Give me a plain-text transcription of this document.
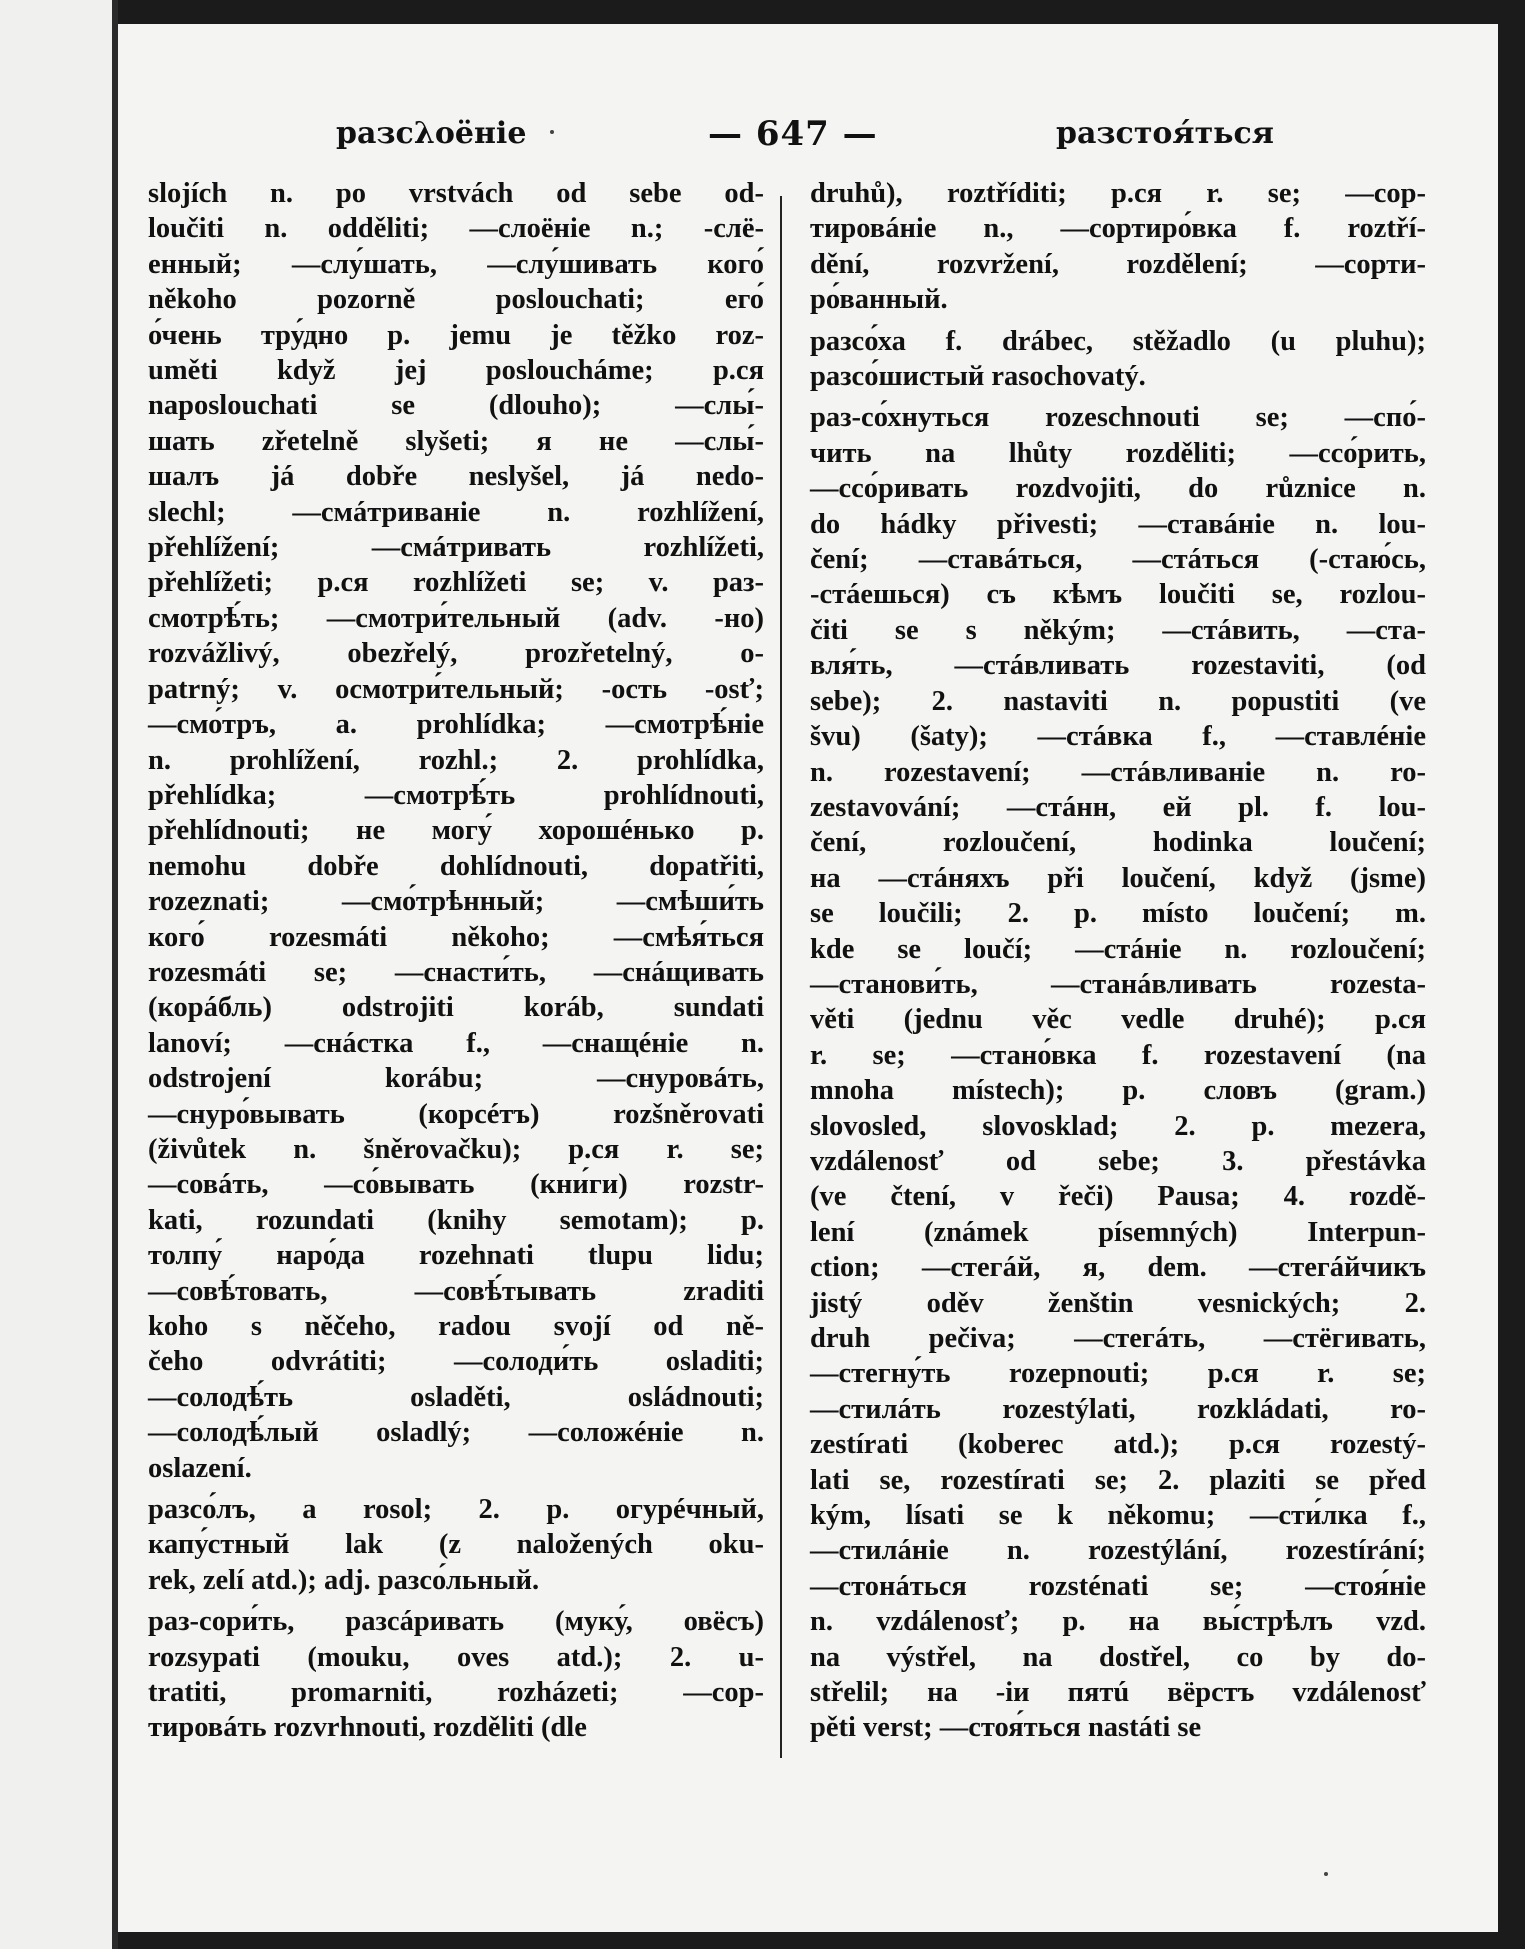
разсλоёніе	— 647 —	разстоя́ться
slojích n. po vrstvách od sebe od-
loučiti n. odděliti; —слоёніе n.; -слё-
енный; —слу́шать, —слу́шивать кого́
někoho pozorně poslouchati; его́
о́чень тру́дно p. jemu je těžko roz-
uměti když jej posloucháme; p.ся
naposlouchati se (dlouho); —слы́-
шать zřetelně slyšeti; я не —слы́-
шалъ já dobře neslyšel, já nedo-
slechl; —смáтриваніе n. rozhlížení,
přehlížení; —смáтривать rozhlížeti,
přehlížeti; p.ся rozhlížeti se; v. раз-
смотрѣ́ть; —смотри́тельный (adv. -но)
rozvážlivý, obezřelý, prozřetelný, o-
patrný; v. осмотри́тельный; -ость -osť;
—смо́тръ, a. prohlídka; —смотрѣ́ніе
n. prohlížení, rozhl.; 2. prohlídka,
přehlídka; —смотрѣ́ть prohlídnouti,
přehlídnouti; не могу́ хорошéнько p.
nemohu dobře dohlídnouti, dopatřiti,
rozeznati; —смо́трѣнный; —смѣши́ть
кого́ rozesmáti někoho; —смѣя́ться
rozesmáti se; —снасти́ть, —снáщивать
(корáбль) odstrojiti koráb, sundati
lanoví; —снáстка f., —снащéніе n.
odstrojení korábu; —снуровáть,
—снуро́вывать (корсéтъ) rozšněrovati
(živůtek n. šněrovačku); p.ся r. se;
—совáть, —со́вывать (кни́ги) rozstr-
kati, rozundati (knihy semotam); p.
толпу́ наро́да rozehnati tlupu lidu;
—совѣ́товать, —совѣ́тывать zraditi
koho s něčeho, radou svojí od ně-
čeho odvrátiti; —солоди́ть osladiti;
—солодѣ́ть osladěti, osládnouti;
—солодѣ́лый osladlý; —соложéніе n.
oslazení.
разсо́лъ, a rosol; 2. p. огурéчный,
капу́стный lak (z naložených oku-
rek, zelí atd.); adj. разсо́льный.
раз-сори́ть, разсáривать (муку́, овёсъ)
rozsypati (mouku, oves atd.); 2. u-
tratiti, promarniti, rozházeti; —сор-
тировáть rozvrhnouti, rozděliti (dle
druhů), roztříditi; p.ся r. se; —сор-
тировáніе n., —сортиро́вка f. roztří-
dění, rozvržení, rozdělení; —сорти-
ро́ванный.
разсо́ха f. drábec, stěžadlo (u pluhu);
разсо́шистый rasochovatý.
раз-со́хнуться rozeschnouti se; —спо́-
чить na lhůty rozděliti; —ссо́рить,
—ссо́ривать rozdvojiti, do různice n.
do hádky přivesti; —ставáніе n. lou-
čení; —ставáться, —стáться (-стаю́сь,
-стáешься) съ кѣмъ loučiti se, rozlou-
čiti se s někým; —стáвить, —ста-
вля́ть, —стáвливать rozestaviti, (od
sebe); 2. nastaviti n. popustiti (ve
švu) (šaty); —стáвка f., —ставлéніе
n. rozestavení; —стáвливаніе n. ro-
zestavování; —стáнн, ей pl. f. lou-
čení, rozloučení, hodinka loučení;
на —стáняхъ při loučení, když (jsme)
se loučili; 2. p. místo loučení; m.
kde se loučí; —стáніе n. rozloučení;
—станови́ть, —станáвливать rozesta-
věti (jednu věc vedle druhé); p.ся
r. se; —стано́вка f. rozestavení (na
mnoha místech); p. словъ (gram.)
slovosled, slovosklad; 2. p. mezera,
vzdálenosť od sebe; 3. přestávka
(ve čtení, v řeči) Pausa; 4. rozdě-
lení (známek písemných) Interpun-
ction; —стегáй, я, dem. —стегáйчикъ
jistý oděv ženštin vesnických; 2.
druh pečiva; —стегáть, —стёгивать,
—стегну́ть rozepnouti; p.ся r. se;
—стилáть rozestýlati, rozkládati, ro-
zestírati (koberec atd.); p.ся rozestý-
lati se, rozestírati se; 2. plaziti se před
kým, lísati se k někomu; —сти́лка f.,
—стилáніе n. rozestýlání, rozestírání;
—стонáться rozsténati se; —стоя́ніе
n. vzdálenosť; p. на вы́стрѣлъ vzd.
na výstřel, na dostřel, co by do-
střelil; на -іи пятú вёрстъ vzdálenosť
pěti verst; —стоя́ться nastáti se
